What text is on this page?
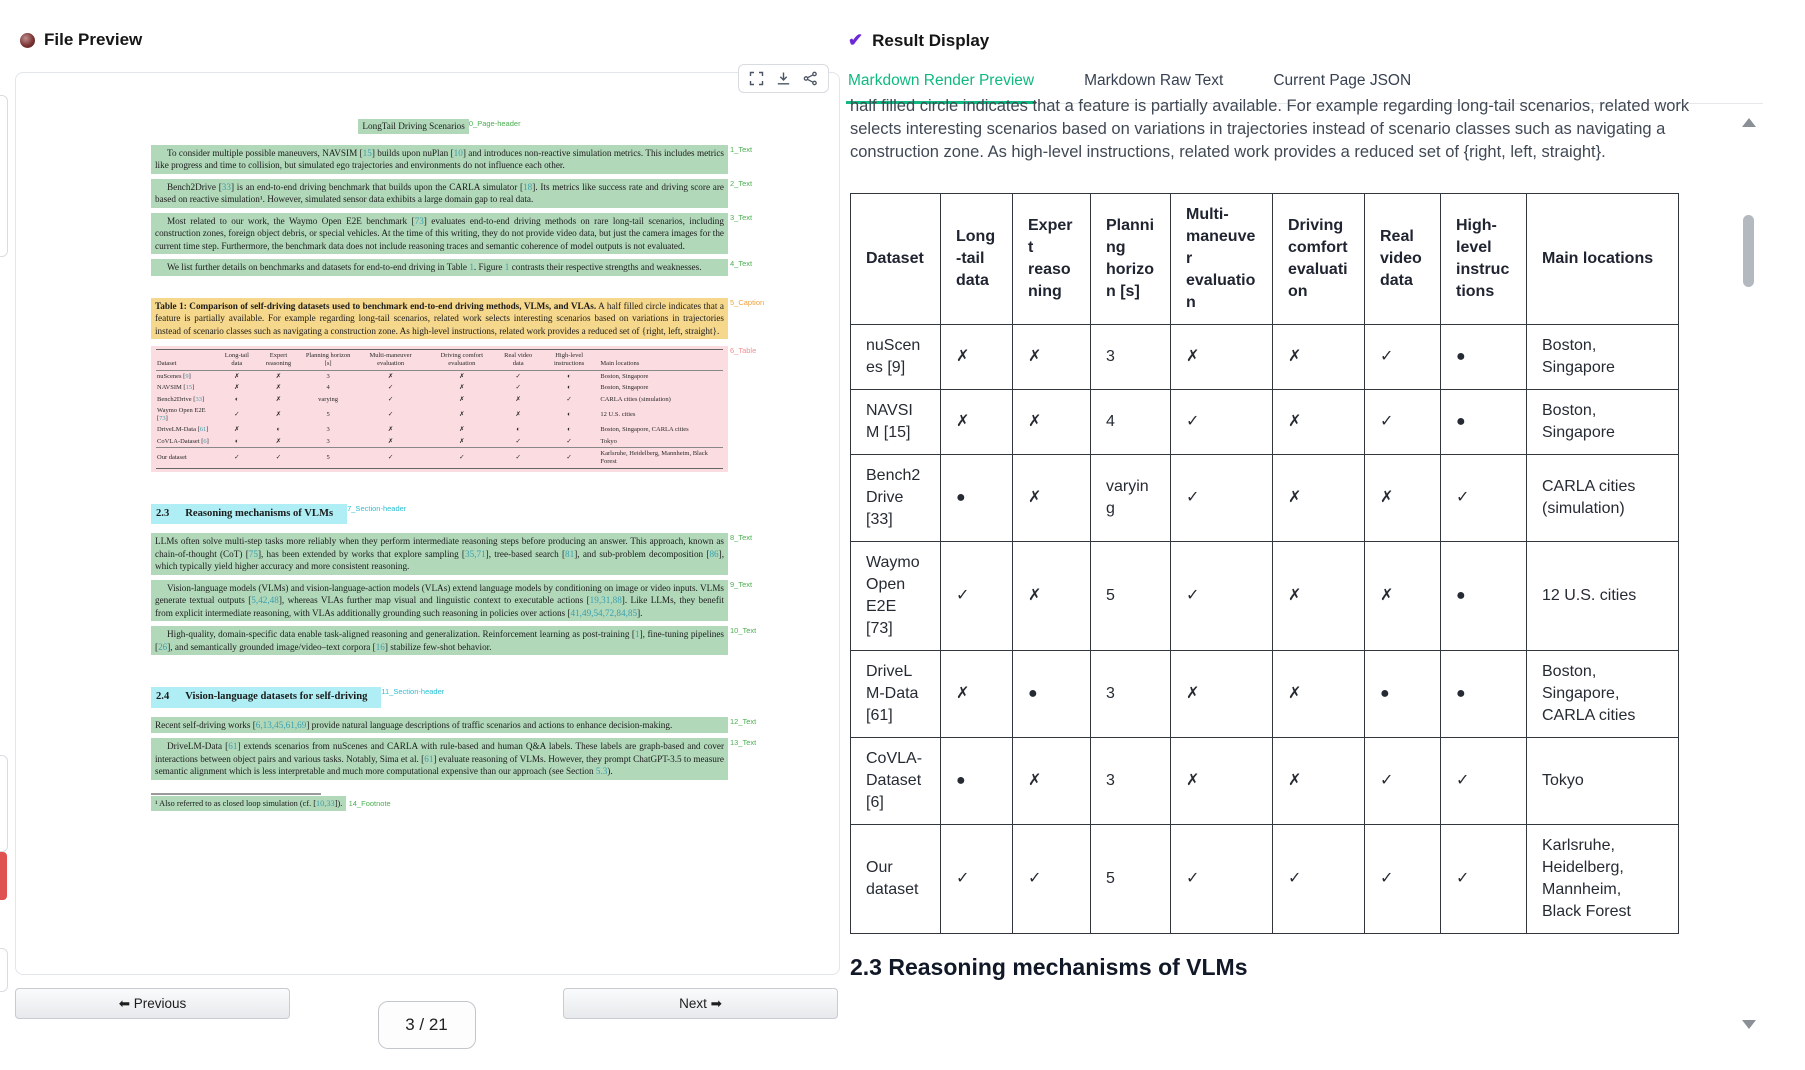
File Preview
LongTail Driving Scenarios 0_Page-header
To consider multiple possible maneuvers, NAVSIM [15] builds upon nuPlan [10] and introduces non-reactive simulation metrics. This includes metrics like progress and time to collision, but simulated ego trajectories and environments do not influence each other.
1_Text
Bench2Drive [33] is an end-to-end driving benchmark that builds upon the CARLA simulator [18]. Its metrics like success rate and driving score are based on reactive simulation¹. However, simulated sensor data exhibits a large domain gap to real data.
2_Text
Most related to our work, the Waymo Open E2E benchmark [73] evaluates end-to-end driving methods on rare long-tail scenarios, including construction zones, foreign object debris, or special vehicles. At the time of this writing, they do not provide video data, but just the camera images for the current time step. Furthermore, the benchmark data does not include reasoning traces and semantic coherence of model outputs is not evaluated.
3_Text
We list further details on benchmarks and datasets for end-to-end driving in Table 1. Figure 1 contrasts their respective strengths and weaknesses.	4_Text
Table 1: Comparison of self-driving datasets used to benchmark end-to-end driving methods, VLMs, and VLAs. A half filled circle indicates that a feature is partially available. For example regarding long-tail scenarios, related work selects interesting scenarios based on variations in trajectories instead of scenario classes such as navigating a construction zone. As high-level instructions, related work provides a reduced set of {right, left, straight}.
5_Caption
Dataset	Long-tail data	Expert reasoning	Planning horizon [s]	Multi-maneuver evaluation	Driving comfort evaluation	Real video data	High-level instructions	Main locations
nuScenes [9]	✗	✗	3	✗	✗	✓	◐	Boston, Singapore
NAVSIM [15]	✗	✗	4	✓	✗	✓	◐	Boston, Singapore
Bench2Drive [33]	◐	✗	varying	✓	✗	✗	✓	CARLA cities (simulation)
Waymo Open E2E [73]	✓	✗	5	✓	✗	✗	◐	12 U.S. cities
DriveLM-Data [61]	✗	◐	3	✗	✗	◐	◐	Boston, Singapore, CARLA cities
CoVLA-Dataset [6]	◐	✗	3	✗	✗	✓	✓	Tokyo
Our dataset	✓	✓	5	✓	✓	✓	✓	Karlsruhe, Heidelberg, Mannheim, Black Forest
6_Table
2.3 Reasoning mechanisms of VLMs	7_Section-header
LLMs often solve multi-step tasks more reliably when they perform intermediate reasoning steps before producing an answer. This approach, known as chain-of-thought (CoT) [75], has been extended by works that explore sampling [35,71], tree-based search [81], and sub-problem decomposition [86], which typically yield higher accuracy and more consistent reasoning.
8_Text
Vision-language models (VLMs) and vision-language-action models (VLAs) extend language models by conditioning on image or video inputs. VLMs generate textual outputs [5,42,48], whereas VLAs further map visual and linguistic context to executable actions [19,31,88]. Like LLMs, they benefit from explicit intermediate reasoning, with VLAs additionally grounding such reasoning in policies over actions [41,49,54,72,84,85].
9_Text
High-quality, domain-specific data enable task-aligned reasoning and generalization. Reinforcement learning as post-training [1], fine-tuning pipelines [26], and semantically grounded image/video–text corpora [16] stabilize few-shot behavior.
10_Text
2.4 Vision-language datasets for self-driving	11_Section-header
Recent self-driving works [6,13,45,61,69] provide natural language descriptions of traffic scenarios and actions to enhance decision-making.	12_Text
DriveLM-Data [61] extends scenarios from nuScenes and CARLA with rule-based and human Q&A labels. These labels are graph-based and cover interactions between object pairs and various tasks. Notably, Sima et al. [61] evaluate reasoning of VLMs. However, they prompt ChatGPT-3.5 to measure semantic alignment which is less interpretable and much more computational expensive than our approach (see Section 5.3).
13_Text
¹ Also referred to as closed loop simulation (cf. [10,33]). 14_Footnote
⬅ Previous
3 / 21
Next ➡
✔ Result Display
Markdown Render Preview	Markdown Raw Text	Current Page JSON
half filled circle indicates that a feature is partially available. For example regarding long-tail scenarios, related work
selects interesting scenarios based on variations in trajectories instead of scenario classes such as navigating a
construction zone. As high-level instructions, related work provides a reduced set of {right, left, straight}.
Dataset	Long-tail data	Expert reasoning	Planning horizon [s]	Multi-maneuver evaluation	Driving comfort evaluation	Real video data	High-level instructions	Main locations
nuScenes [9]	✗	✗	3	✗	✗	✓	●	Boston, Singapore
NAVSIM [15]	✗	✗	4	✓	✗	✓	●	Boston, Singapore
Bench2Drive [33]	●	✗	varying	✓	✗	✗	✓	CARLA cities (simulation)
Waymo Open E2E [73]	✓	✗	5	✓	✗	✗	●	12 U.S. cities
DriveLM-Data [61]	✗	●	3	✗	✗	●	●	Boston, Singapore, CARLA cities
CoVLA-Dataset [6]	●	✗	3	✗	✗	✓	✓	Tokyo
Our dataset	✓	✓	5	✓	✓	✓	✓	Karlsruhe, Heidelberg, Mannheim, Black Forest
2.3 Reasoning mechanisms of VLMs
